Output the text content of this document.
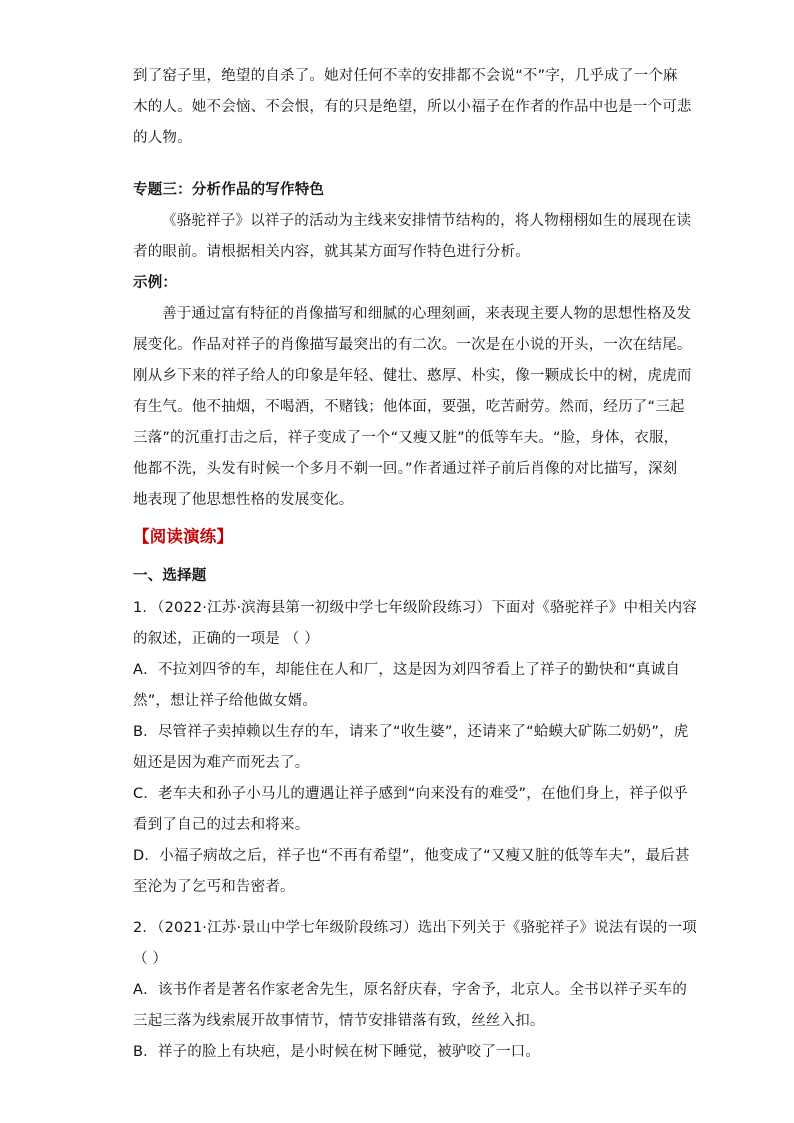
到了窑子里，绝望的自杀了。她对任何不幸的安排都不会说“不”字，几乎成了一个麻
木的人。她不会恼、不会恨，有的只是绝望，所以小福子在作者的作品中也是一个可悲
的人物。
专题三：分析作品的写作特色
《骆驼祥子》以祥子的活动为主线来安排情节结构的，将人物栩栩如生的展现在读
者的眼前。请根据相关内容，就其某方面写作特色进行分析。
示例：
善于通过富有特征的肖像描写和细腻的心理刻画，来表现主要人物的思想性格及发
展变化。作品对祥子的肖像描写最突出的有二次。一次是在小说的开头，一次在结尾。
刚从乡下来的祥子给人的印象是年轻、健壮、憨厚、朴实，像一颗成长中的树，虎虎而
有生气。他不抽烟，不喝酒，不赌钱；他体面，要强，吃苦耐劳。然而，经历了“三起
三落”的沉重打击之后，祥子变成了一个“又瘦又脏”的低等车夫。“脸，身体，衣服，
他都不洗，头发有时候一个多月不剃一回。”作者通过祥子前后肖像的对比描写，深刻
地表现了他思想性格的发展变化。
【阅读演练】
一、选择题
1．（2022·江苏·滨海县第一初级中学七年级阶段练习）下面对《骆驼祥子》中相关内容
的叙述，正确的一项是 （ ）
A．不拉刘四爷的车，却能住在人和厂，这是因为刘四爷看上了祥子的勤快和“真诚自
然”，想让祥子给他做女婿。
B．尽管祥子卖掉赖以生存的车，请来了“收生婆”，还请来了“蛤蟆大矿陈二奶奶”，虎
妞还是因为难产而死去了。
C．老车夫和孙子小马儿的遭遇让祥子感到“向来没有的难受”，在他们身上，祥子似乎
看到了自己的过去和将来。
D．小福子病故之后，祥子也“不再有希望”，他变成了“又瘦又脏的低等车夫”，最后甚
至沦为了乞丐和告密者。
2．（2021·江苏·景山中学七年级阶段练习）选出下列关于《骆驼祥子》说法有误的一项
（ ）
A．该书作者是著名作家老舍先生，原名舒庆春，字舍予，北京人。全书以祥子买车的
三起三落为线索展开故事情节，情节安排错落有致，丝丝入扣。
B．祥子的脸上有块疤，是小时候在树下睡觉，被驴咬了一口。
